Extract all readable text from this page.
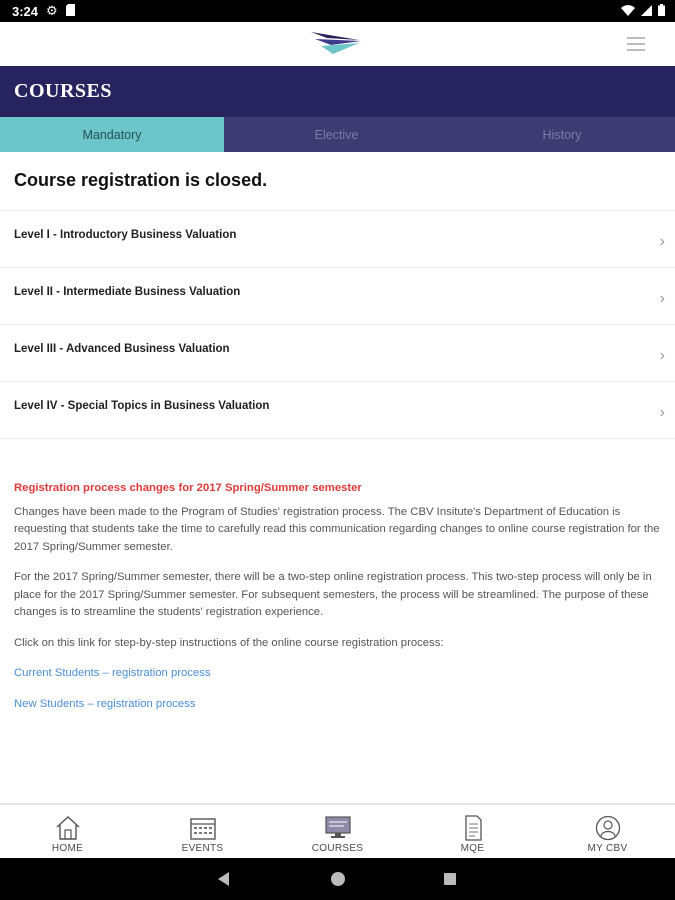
3:24 ⚙
COURSES
Mandatory	Elective	History
Course registration is closed.
Level I - Introductory Business Valuation	›
Level II - Intermediate Business Valuation	›
Level III - Advanced Business Valuation	›
Level IV - Special Topics in Business Valuation	›
Registration process changes for 2017 Spring/Summer semester

Changes have been made to the Program of Studies' registration process. The CBV Insitute's Department of Education is requesting that students take the time to carefully read this communication regarding changes to online course registration for the 2017 Spring/Summer semester.

For the 2017 Spring/Summer semester, there will be a two-step online registration process. This two-step process will only be in place for the 2017 Spring/Summer semester. For subsequent semesters, the process will be streamlined. The purpose of these changes is to streamline the students' registration experience.

Click on this link for step-by-step instructions of the online course registration process:

Current Students – registration process
New Students – registration process
HOME	EVENTS	COURSES	MQE	MY CBV
